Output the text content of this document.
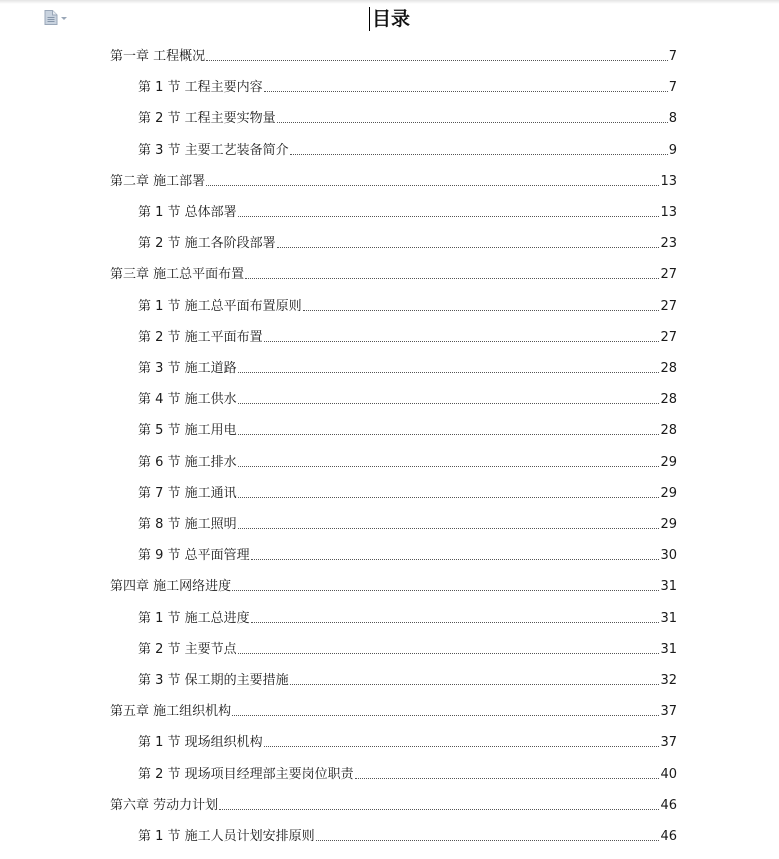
目录
第一章 工程概况	7
第 1 节 工程主要内容	7
第 2 节 工程主要实物量	8
第 3 节 主要工艺装备简介	9
第二章 施工部署	13
第 1 节 总体部署	13
第 2 节 施工各阶段部署	23
第三章 施工总平面布置	27
第 1 节 施工总平面布置原则	27
第 2 节 施工平面布置	27
第 3 节 施工道路	28
第 4 节 施工供水	28
第 5 节 施工用电	28
第 6 节 施工排水	29
第 7 节 施工通讯	29
第 8 节 施工照明	29
第 9 节 总平面管理	30
第四章 施工网络进度	31
第 1 节 施工总进度	31
第 2 节 主要节点	31
第 3 节 保工期的主要措施	32
第五章 施工组织机构	37
第 1 节 现场组织机构	37
第 2 节 现场项目经理部主要岗位职责	40
第六章 劳动力计划	46
第 1 节 施工人员计划安排原则	46
